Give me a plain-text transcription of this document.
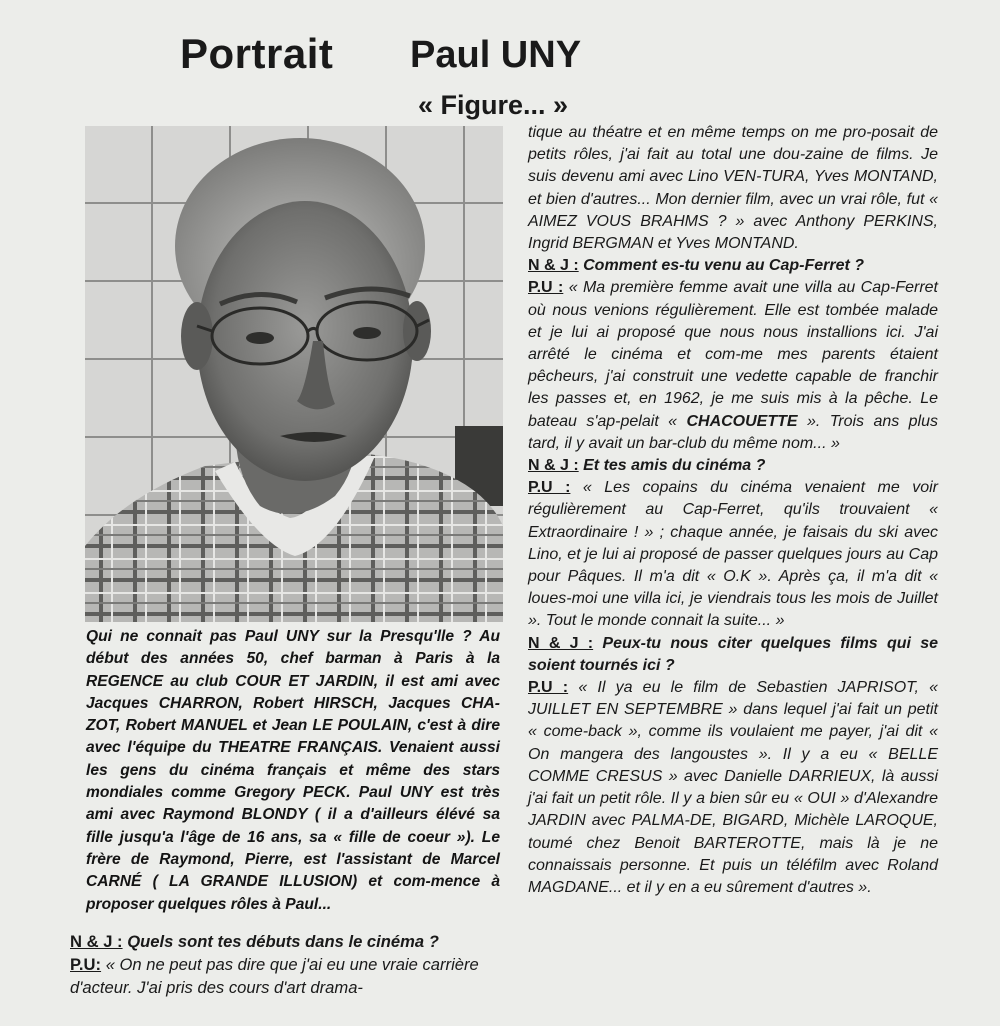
Portrait Paul UNY
« Figure... »

Qui ne connait pas Paul UNY sur la Presqu'lle ? Au début des années 50, chef barman à Paris à la REGENCE au club COUR ET JARDIN, il est ami avec Jacques CHARRON, Robert HIRSCH, Jacques CHA-ZOT, Robert MANUEL et Jean LE POULAIN, c'est à dire avec l'équipe du THEATRE FRANÇAIS. Venaient aussi les gens du cinéma français et même des stars mondiales comme Gregory PECK. Paul UNY est très ami avec Raymond BLONDY ( il a d'ailleurs élévé sa fille jusqu'a l'âge de 16 ans, sa « fille de coeur »). Le frère de Raymond, Pierre, est l'assistant de Marcel CARNÉ ( LA GRANDE ILLUSION) et com-mence à proposer quelques rôles à Paul...

N & J : Quels sont tes débuts dans le cinéma ?

P.U: « On ne peut pas dire que j'ai eu une vraie carrière d'acteur. J'ai pris des cours d'art drama-

tique au théatre et en même temps on me pro-posait de petits rôles, j'ai fait au total une dou-zaine de films. Je suis devenu ami avec Lino VEN-TURA, Yves MONTAND, et bien d'autres... Mon dernier film, avec un vrai rôle, fut « AIMEZ VOUS BRAHMS ? » avec Anthony PERKINS, Ingrid BERGMAN et Yves MONTAND.

N & J : Comment es-tu venu au Cap-Ferret ?

P.U : « Ma première femme avait une villa au Cap-Ferret où nous venions régulièrement. Elle est tombée malade et je lui ai proposé que nous nous installions ici. J'ai arrêté le cinéma et com-me mes parents étaient pêcheurs, j'ai construit une vedette capable de franchir les passes et, en 1962, je me suis mis à la pêche. Le bateau s'ap-pelait « CHACOUETTE ». Trois ans plus tard, il y avait un bar-club du même nom... »

N & J : Et tes amis du cinéma ?

P.U : « Les copains du cinéma venaient me voir régulièrement au Cap-Ferret, qu'ils trouvaient « Extraordinaire ! » ; chaque année, je faisais du ski avec Lino, et je lui ai proposé de passer quelques jours au Cap pour Pâques. Il m'a dit « O.K ». Après ça, il m'a dit « loues-moi une villa ici, je viendrais tous les mois de Juillet ». Tout le monde connait la suite... »

N & J : Peux-tu nous citer quelques films qui se soient tournés ici ?

P.U : « Il ya eu le film de Sebastien JAPRISOT, « JUILLET EN SEPTEMBRE » dans lequel j'ai fait un petit « come-back », comme ils voulaient me payer, j'ai dit « On mangera des langoustes ». Il y a eu « BELLE COMME CRESUS » avec Danielle DARRIEUX, là aussi j'ai fait un petit rôle. Il y a bien sûr eu « OUI » d'Alexandre JARDIN avec PALMA-DE, BIGARD, Michèle LAROQUE, toumé chez Benoit BARTEROTTE, mais là je ne connaissais personne. Et puis un téléfilm avec Roland MAGDANE... et il y en a eu sûrement d'autres ».
